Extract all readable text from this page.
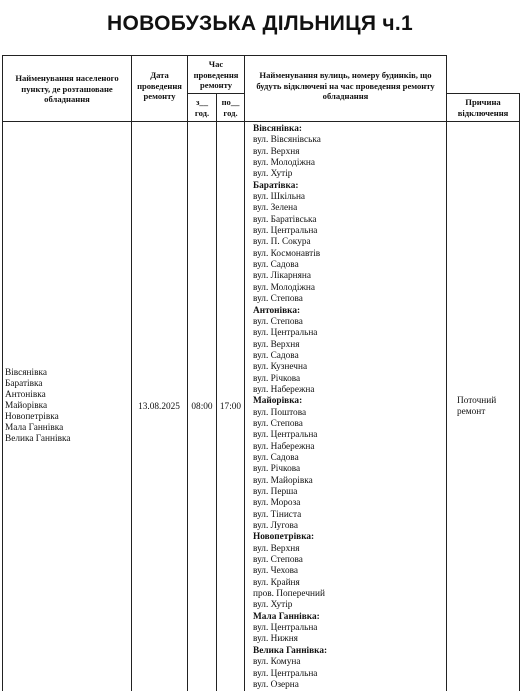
НОВОБУЗЬКА ДІЛЬНИЦЯ ч.1
Найменування населеного пункту, де розташоване обладнання
Дата проведення ремонту
Час проведення ремонту
з__ год.
по__ год.
Найменування вулиць, номеру будинків, що будуть відключені на час проведення ремонту обладнання
Причина відключення
Вівсянівка
Баратівка
Антонівка
Майорівка
Новопетрівка
Мала Ганнівка
Велика Ганнівка
13.08.2025	08:00 17:00
Поточний ремонт
Вівсянівка:
вул. Вівсянівська
вул. Верхня
вул. Молодіжна
вул. Хутір
Баратівка:
вул. Шкільна
вул. Зелена
вул. Баратівська
вул. Центральна
вул. П. Сокура
вул. Космонавтів
вул. Садова
вул. Лікарняна
вул. Молодіжна
вул. Степова
Антонівка:
вул. Степова
вул. Центральна
вул. Верхня
вул. Садова
вул. Кузнечна
вул. Річкова
вул. Набережна
Майорівка:
вул. Поштова
вул. Степова
вул. Центральна
вул. Набережна
вул. Садова
вул. Річкова
вул. Майорівка
вул. Перша
вул. Мороза
вул. Тiниста
вул. Лугова
Новопетрівка:
вул. Верхня
вул. Степова
вул. Чехова
вул. Крайня
пров. Поперечний
вул. Хутір
Мала Ганнівка:
вул. Центральна
вул. Нижня
Велика Ганнівка:
вул. Комуна
вул. Центральна
вул. Озерна
